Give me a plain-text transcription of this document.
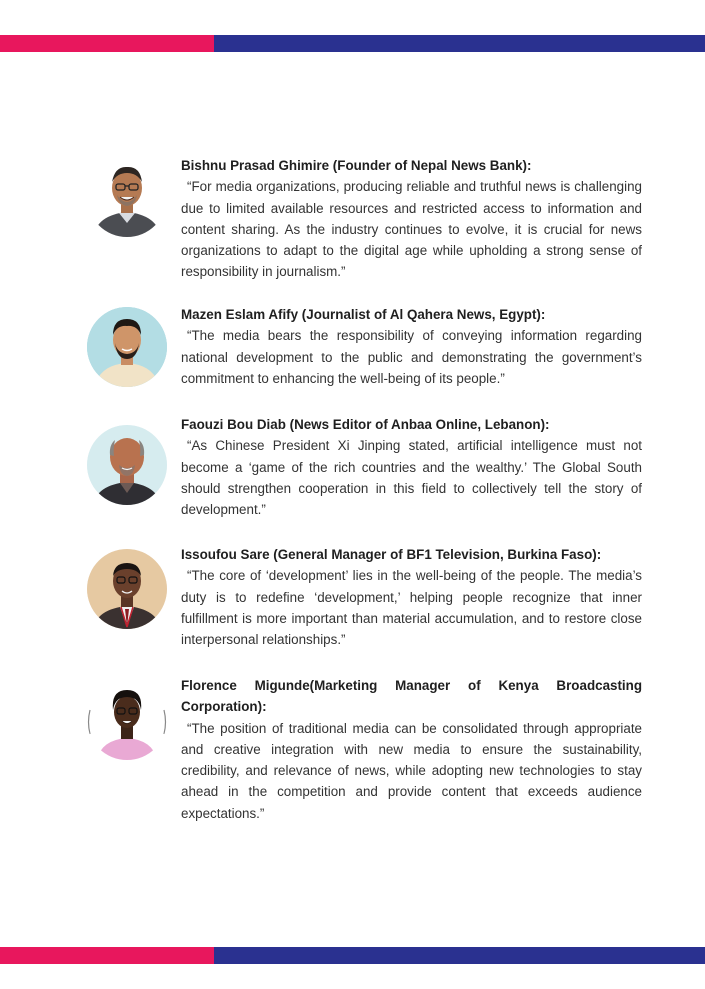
Bishnu Prasad Ghimire (Founder of Nepal News Bank):
“For media organizations, producing reliable and truthful news is challenging due to limited available resources and restricted access to information and content sharing. As the industry continues to evolve, it is crucial for news organizations to adapt to the digital age while upholding a strong sense of responsibility in journalism.”
Mazen Eslam Afify (Journalist of Al Qahera News, Egypt):
“The media bears the responsibility of conveying information regarding national development to the public and demonstrating the government’s commitment to enhancing the well-being of its people.”
Faouzi Bou Diab (News Editor of Anbaa Online, Lebanon):
“As Chinese President Xi Jinping stated, artificial intelligence must not become a ‘game of the rich countries and the wealthy.’ The Global South should strengthen cooperation in this field to collectively tell the story of development.”
Issoufou Sare (General Manager of BF1 Television, Burkina Faso):
“The core of ‘development’ lies in the well-being of the people. The media’s duty is to redefine ‘development,’ helping people recognize that inner fulfillment is more important than material accumulation, and to restore close interpersonal relationships.”
Florence Migunde(Marketing Manager of Kenya Broadcasting Corporation):
“The position of traditional media can be consolidated through appropriate and creative integration with new media to ensure the sustainability, credibility, and relevance of news, while adopting new technologies to stay ahead in the competition and provide content that exceeds audience expectations.”
